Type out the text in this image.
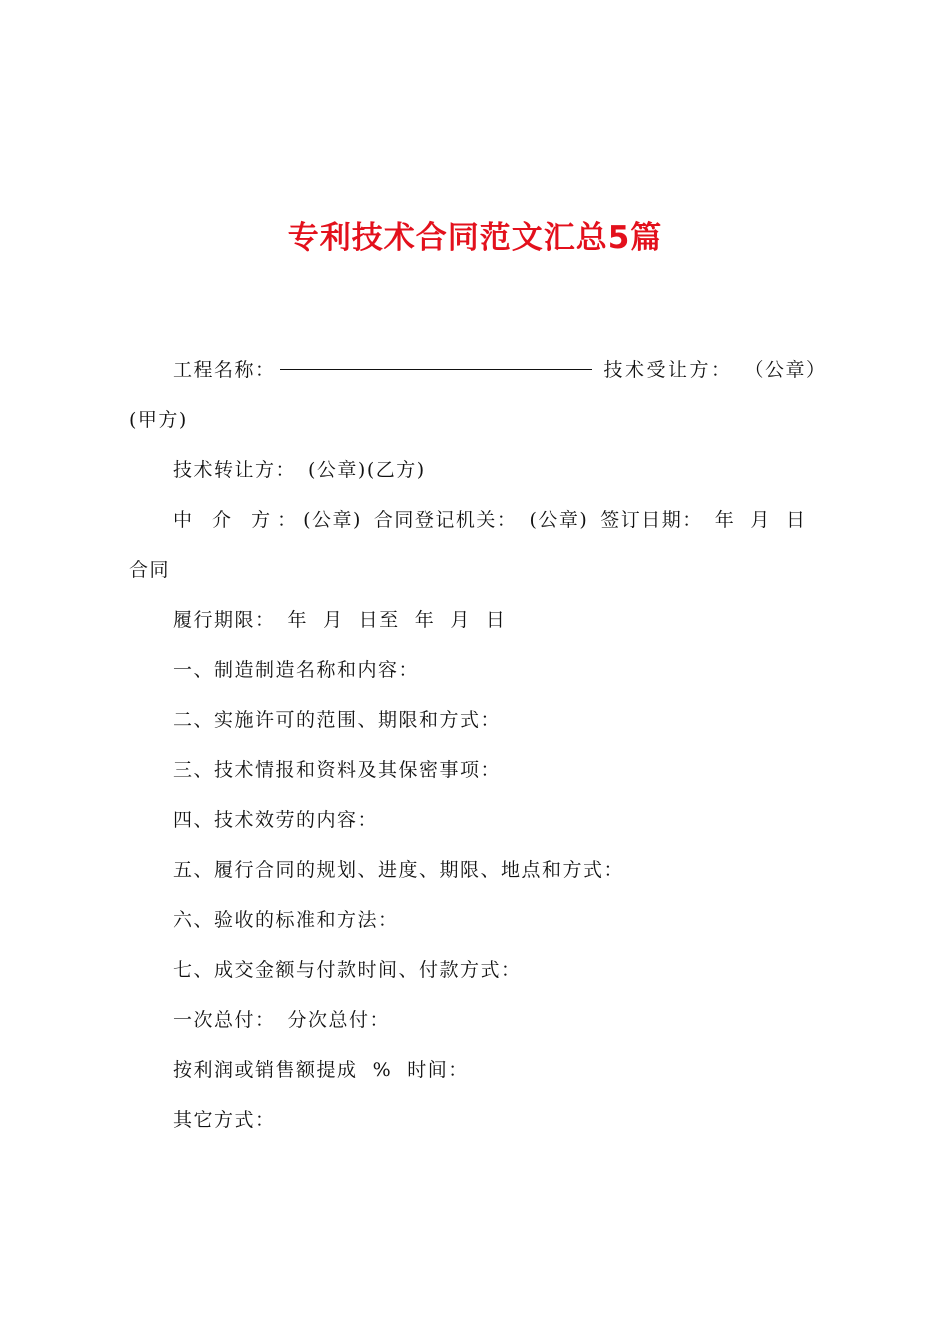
专利技术合同范文汇总5篇

工程名称：	技术受让方： （公章）

(甲方)

技术转让方： (公章)(乙方)

中 介 方：(公章) 合同登记机关： (公章) 签订日期： 年  月  日

合同

履行期限： 年  月  日至  年  月  日

一、制造制造名称和内容：

二、实施许可的范围、期限和方式：

三、技术情报和资料及其保密事项：

四、技术效劳的内容：

五、履行合同的规划、进度、期限、地点和方式：

六、验收的标准和方法：

七、成交金额与付款时间、付款方式：

一次总付： 分次总付：

按利润或销售额提成  %  时间：

其它方式：
